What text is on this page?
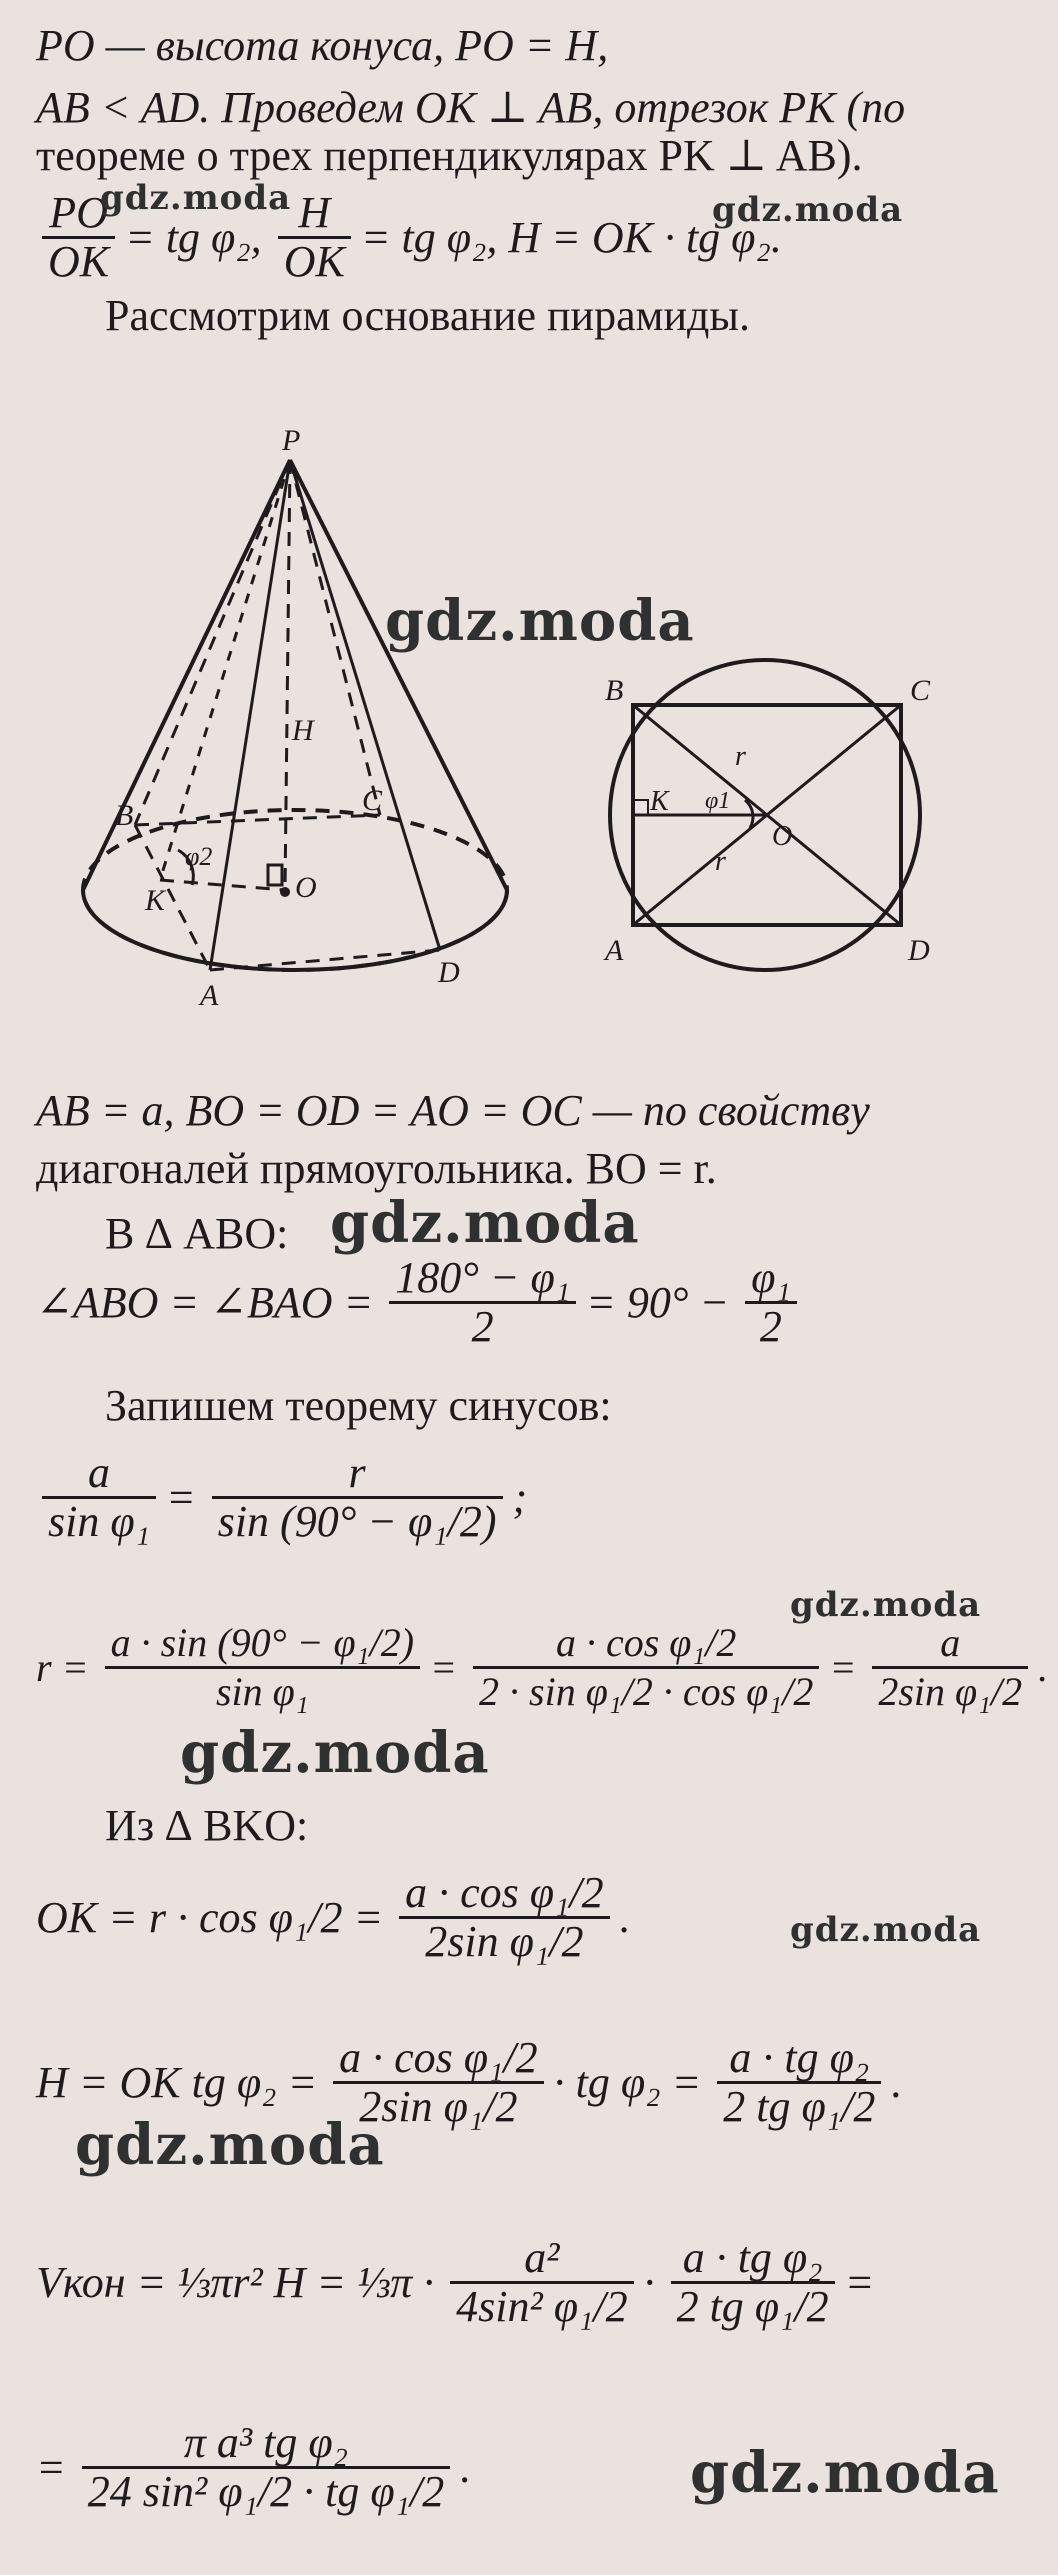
PO — высота конуса, PO = H,
AB < AD. Проведем OK ⊥ AB, отрезок PK (по
теореме о трех перпендикулярах PK ⊥ AB).
$\frac{PO}{OK}$ = tg φ₂, $\frac{H}{OK}$ = tg φ₂, H = OK · tg φ₂.
Рассмотрим основание пирамиды.
P
H
B	C
K
φ2
O
A
D
B	C
K φ1
r
O
r
A	D
AB = a, BO = OD = AO = OC — по свойству
диагоналей прямоугольника. BO = r.
В ∆ ABO:
∠ABO = ∠BAO = $\frac{\text{180° − φ₁}}{2} = 90^\circ - \frac{\text{φ₁}}{2}$
Запишем теорему синусов:
$\frac{a}{\text{sin φ₁}} = \frac{r}{\text{sin (90° − φ₁/2)}}$ ;
$r = \frac{\text{a · sin (90° − φ₁/2)}}{\text{sin φ₁}} = \frac{\text{a · cos φ₁/2}}{\text{2 · sin φ₁/2 · cos φ₁/2}} = \frac{a}{\text{2sin φ₁/2}}$ .
Из ∆ BKO:
OK = $r \cdot \cos \varphi_1/2 = \frac{\text{a · cos φ₁/2}}{\text{2sin φ₁/2}}$ .
H = OK tg $\varphi_2 = \frac{\text{a · cos φ₁/2}}{\text{2sin φ₁/2}}$ · tg $\varphi_2 = \frac{\text{a · tg φ₂}}{\text{2 tg φ₁/2}}$ .
Vкон = ⅓πr² H = ⅓π · $\frac{\text{a²}}{\text{4sin² φ₁/2}} \cdot \frac{\text{a · tg φ₂}}{\text{2 tg φ₁/2}}$ =
= $\frac{\text{π a³ tg φ₂}}{\text{24 sin² φ₁/2 · tg φ₁/2}}$ .
gdz.moda	gdz.moda
gdz.moda
gdz.moda
gdz.moda
gdz.moda
gdz.moda
gdz.moda
gdz.moda
